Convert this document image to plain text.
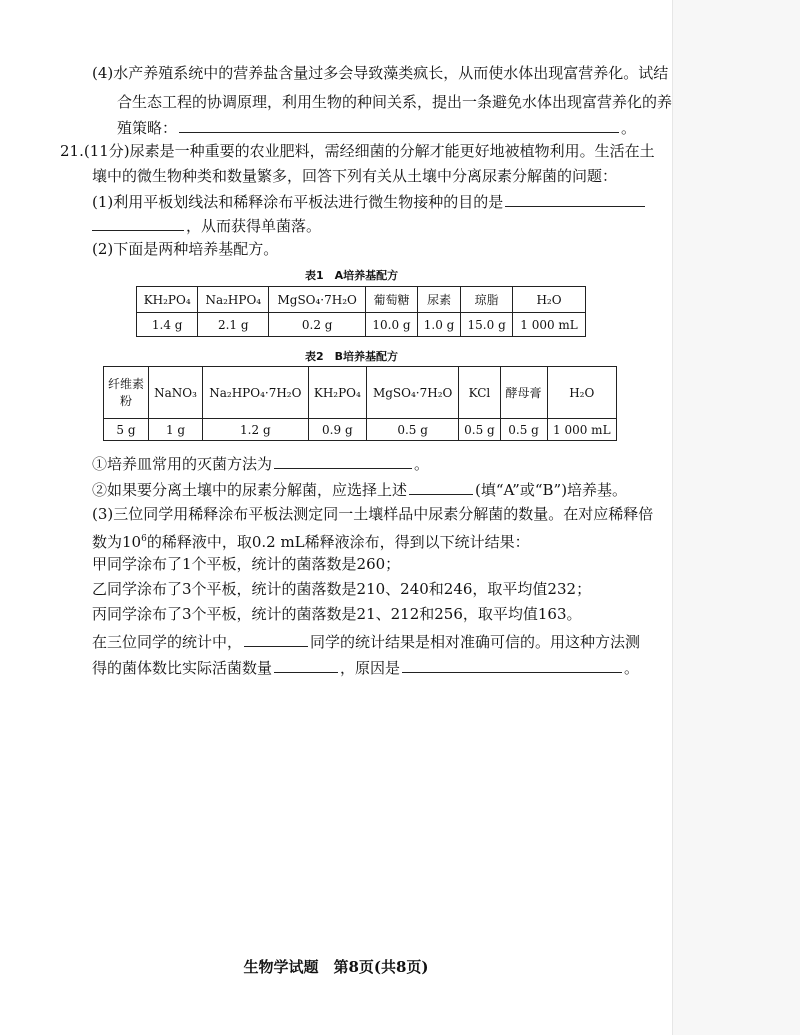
(4)水产养殖系统中的营养盐含量过多会导致藻类疯长，从而使水体出现富营养化。试结
合生态工程的协调原理，利用生物的种间关系，提出一条避免水体出现富营养化的养
殖策略：	。
21.(11分)尿素是一种重要的农业肥料，需经细菌的分解才能更好地被植物利用。生活在土
壤中的微生物种类和数量繁多，回答下列有关从土壤中分离尿素分解菌的问题：
(1)利用平板划线法和稀释涂布平板法进行微生物接种的目的是
，从而获得单菌落。
(2)下面是两种培养基配方。
表1　A培养基配方
KH₂PO₄	Na₂HPO₄	MgSO₄·7H₂O	葡萄糖	尿素	琼脂	H₂O
1.4 g	2.1 g	0.2 g	10.0 g	1.0 g	15.0 g	1 000 mL
表2　B培养基配方
纤维素粉	NaNO₃	Na₂HPO₄·7H₂O	KH₂PO₄	MgSO₄·7H₂O	KCl	酵母膏	H₂O
5 g	1 g	1.2 g	0.9 g	0.5 g	0.5 g	0.5 g	1 000 mL
①培养皿常用的灭菌方法为	。
②如果要分离土壤中的尿素分解菌，应选择上述	(填“A”或“B”)培养基。
(3)三位同学用稀释涂布平板法测定同一土壤样品中尿素分解菌的数量。在对应稀释倍
数为$10^6$的稀释液中，取0.2 mL稀释液涂布，得到以下统计结果：
甲同学涂布了1个平板，统计的菌落数是260；
乙同学涂布了3个平板，统计的菌落数是210、240和246，取平均值232；
丙同学涂布了3个平板，统计的菌落数是21、212和256，取平均值163。
在三位同学的统计中，	同学的统计结果是相对准确可信的。用这种方法测
得的菌体数比实际活菌数量	，原因是	。
生物学试题　第8页(共8页)
